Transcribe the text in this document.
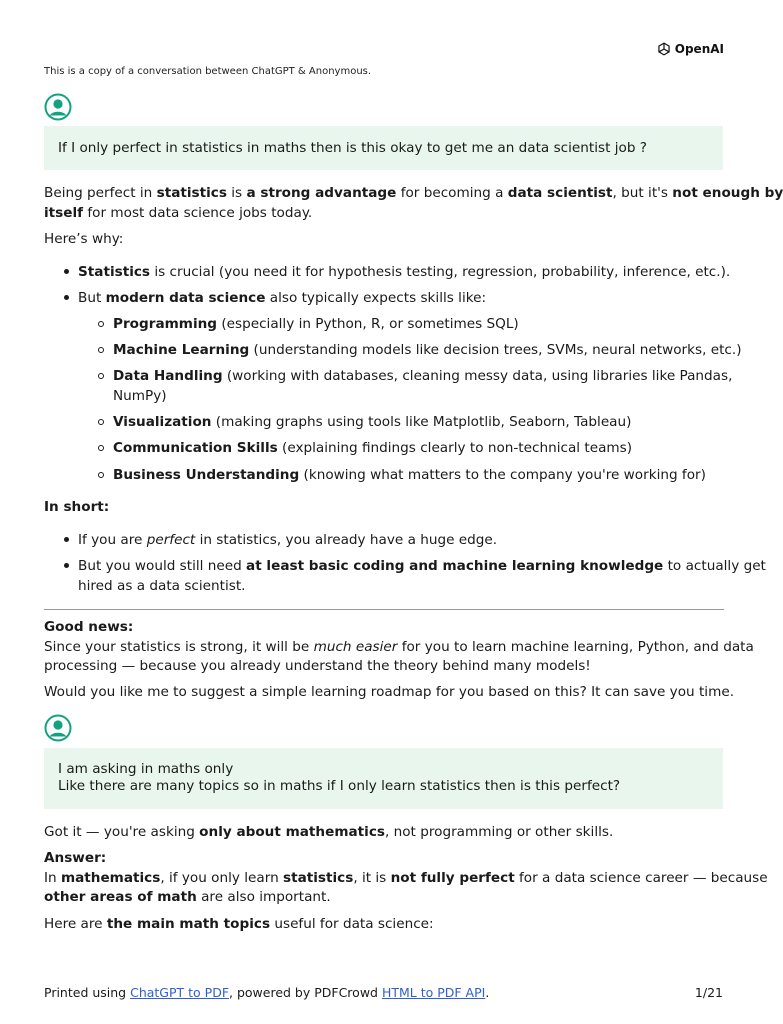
OpenAI
This is a copy of a conversation between ChatGPT & Anonymous.
If I only perfect in statistics in maths then is this okay to get me an data scientist job ?
Being perfect in statistics is a strong advantage for becoming a data scientist, but it's not enough by
itself for most data science jobs today.
Here’s why:
Statistics is crucial (you need it for hypothesis testing, regression, probability, inference, etc.).
But modern data science also typically expects skills like:
Programming (especially in Python, R, or sometimes SQL)
Machine Learning (understanding models like decision trees, SVMs, neural networks, etc.)
Data Handling (working with databases, cleaning messy data, using libraries like Pandas,
NumPy)
Visualization (making graphs using tools like Matplotlib, Seaborn, Tableau)
Communication Skills (explaining findings clearly to non-technical teams)
Business Understanding (knowing what matters to the company you're working for)
In short:
If you are perfect in statistics, you already have a huge edge.
But you would still need at least basic coding and machine learning knowledge to actually get
hired as a data scientist.
Good news:
Since your statistics is strong, it will be much easier for you to learn machine learning, Python, and data
processing — because you already understand the theory behind many models!
Would you like me to suggest a simple learning roadmap for you based on this? It can save you time.
I am asking in maths only
Like there are many topics so in maths if I only learn statistics then is this perfect?
Got it — you're asking only about mathematics, not programming or other skills.
Answer:
In mathematics, if you only learn statistics, it is not fully perfect for a data science career — because
other areas of math are also important.
Here are the main math topics useful for data science:
Printed using ChatGPT to PDF, powered by PDFCrowd HTML to PDF API.	1/21
